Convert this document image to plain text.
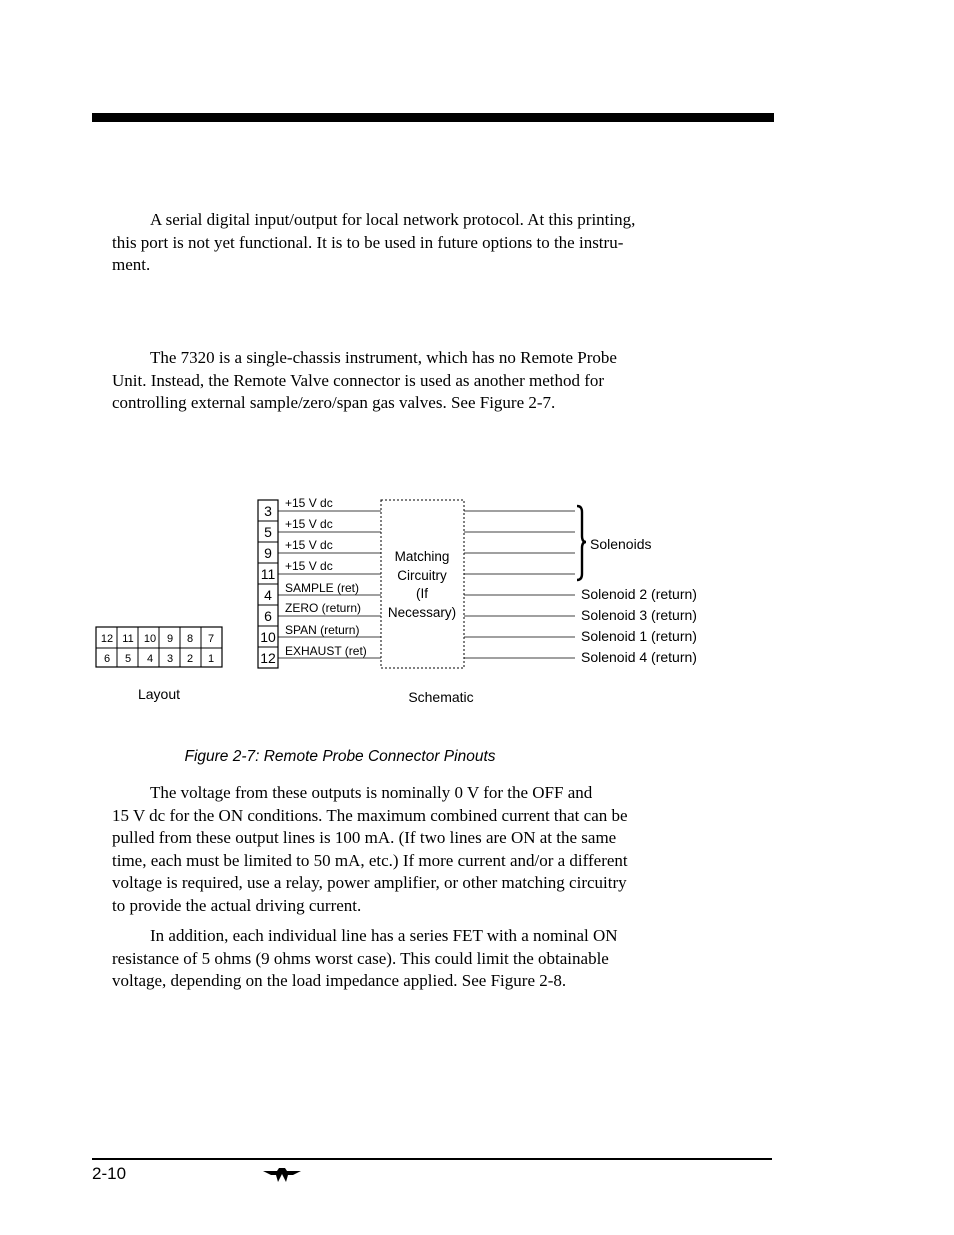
A serial digital input/output for local network protocol. At this printing,
this port is not yet functional. It is to be used in future options to the instru-
ment.

The 7320 is a single-chassis instrument, which has no Remote Probe
Unit. Instead, the Remote Valve connector is used as another method for
controlling external sample/zero/span gas valves. See Figure 2-7.

12 11 10 9 8 7
6 5 4 3 2 1
Layout
3
5
9
11
4
6
10
12
+15 V dc
+15 V dc
+15 V dc
+15 V dc
SAMPLE (ret)
ZERO (return)
SPAN (return)
EXHAUST (ret)
Matching
Circuitry
(If
Necessary)
Solenoids
Solenoid 2 (return)
Solenoid 3 (return)
Solenoid 1 (return)
Solenoid 4 (return)
Schematic
Figure 2-7: Remote Probe Connector Pinouts

The voltage from these outputs is nominally 0 V for the OFF and
15 V dc for the ON conditions. The maximum combined current that can be
pulled from these output lines is 100 mA. (If two lines are ON at the same
time, each must be limited to 50 mA, etc.) If more current and/or a different
voltage is required, use a relay, power amplifier, or other matching circuitry
to provide the actual driving current.

In addition, each individual line has a series FET with a nominal ON
resistance of 5 ohms (9 ohms worst case). This could limit the obtainable
voltage, depending on the load impedance applied. See Figure 2-8.

2-10
